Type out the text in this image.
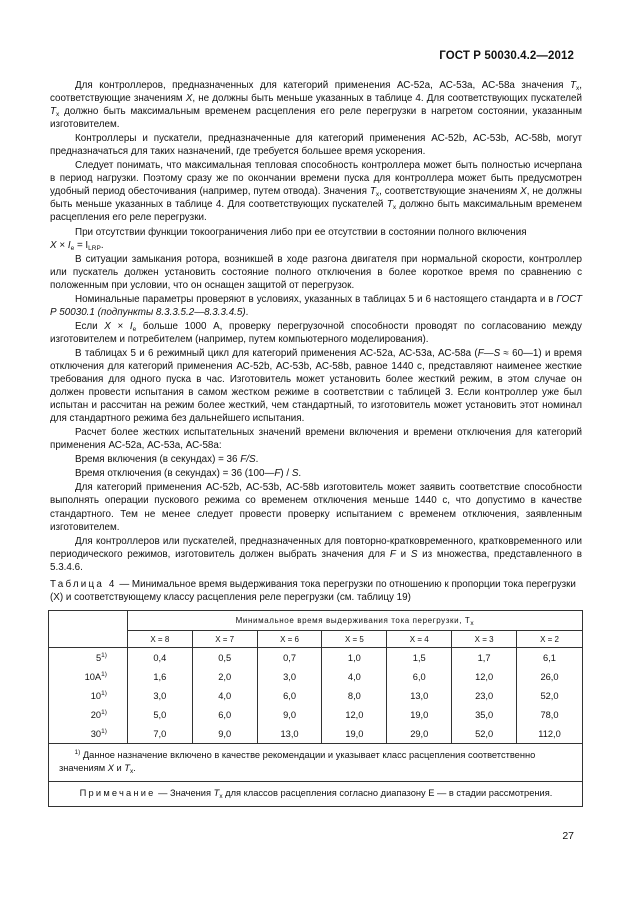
ГОСТ Р 50030.4.2—2012

Для контроллеров, предназначенных для категорий применения АС-52а, АС-53а, АС-58а значения $T_x$, соответствующие значениям X, не должны быть меньше указанных в таблице 4. Для соответствующих пускателей $T_x$ должно быть максимальным временем расцепления его реле перегрузки в нагретом состоянии, указанным изготовителем.

Контроллеры и пускатели, предназначенные для категорий применения АС-52b, АС-53b, АС-58b, могут предназначаться для таких назначений, где требуется большее время ускорения.

Следует понимать, что максимальная тепловая способность контроллера может быть полностью исчерпана в период нагрузки. Поэтому сразу же по окончании времени пуска для контроллера может быть предусмотрен удобный период обесточивания (например, путем отвода). Значения $T_x$, соответствующие значениям X, не должны быть меньше указанных в таблице 4. Для соответствующих пускателей $T_x$ должно быть максимальным временем расцепления его реле перегрузки.

При отсутствии функции токоограничения либо при ее отсутствии в состоянии полного включения
$X \times I_e = I_{LRP}$.

В ситуации замыкания ротора, возникшей в ходе разгона двигателя при нормальной скорости, контроллер или пускатель должен установить состояние полного отключения в более короткое время по сравнению с положенным при условии, что он оснащен защитой от перегрузок.

Номинальные параметры проверяют в условиях, указанных в таблицах 5 и 6 настоящего стандарта и в ГОСТ Р 50030.1 (подпункты 8.3.3.5.2—8.3.3.4.5).

Если $X \times I_e$ больше 1000 А, проверку перегрузочной способности проводят по согласованию между изготовителем и потребителем (например, путем компьютерного моделирования).

В таблицах 5 и 6 режимный цикл для категорий применения АС-52а, АС-53а, АС-58а (F—S ≈ 60—1) и время отключения для категорий применения АС-52b, АС-53b, АС-58b, равное 1440 с, представляют наименее жесткие требования для одного пуска в час. Изготовитель может установить более жесткий режим, в этом случае он должен провести испытания в самом жестком режиме в соответствии с таблицей 3. Если контроллер уже был испытан и рассчитан на режим более жесткий, чем стандартный, то изготовитель может установить этот номинал для стандартного режима без дальнейшего испытания.

Расчет более жестких испытательных значений времени включения и времени отключения для категорий применения АС-52а, АС-53а, АС-58а:

Время включения (в секундах) = 36 F/S.

Время отключения (в секундах) = 36 (100—F) / S.

Для категорий применения АС-52b, АС-53b, АС-58b изготовитель может заявить соответствие способности выполнять операции пускового режима со временем отключения меньше 1440 с, что допустимо в качестве стандартного. Тем не менее следует провести проверку испытанием с временем отключения, заявленным изготовителем.

Для контроллеров или пускателей, предназначенных для повторно-кратковременного, кратковременного или периодического режимов, изготовитель должен выбрать значения для F и S из множества, представленного в 5.3.4.6.

Таблица 4 — Минимальное время выдерживания тока перегрузки по отношению к пропорции тока перегрузки (X) и соответствующему классу расцепления реле перегрузки (см. таблицу 19)
	Минимальное время выдерживания тока перегрузки, $T_x$
	X = 8	X = 7	X = 6	X = 5	X = 4	X = 3	X = 2
5$^{1)}$	0,4	0,5	0,7	1,0	1,5	1,7	6,1
$10A^{1)}$	1,6	2,0	3,0	4,0	6,0	12,0	26,0
10$^{1)}$	3,0	4,0	6,0	8,0	13,0	23,0	52,0
20$^{1)}$	5,0	6,0	9,0	12,0	19,0	35,0	78,0
30$^{1)}$	7,0	9,0	13,0	19,0	29,0	52,0	112,0
$^{1)}$ Данное назначение включено в качестве рекомендации и указывает класс расцепления соответственно значениям X и $T_x$.							
Примечание — Значения $T_x$ для классов расцепления согласно диапазону Е — в стадии рассмотрения.							
27
